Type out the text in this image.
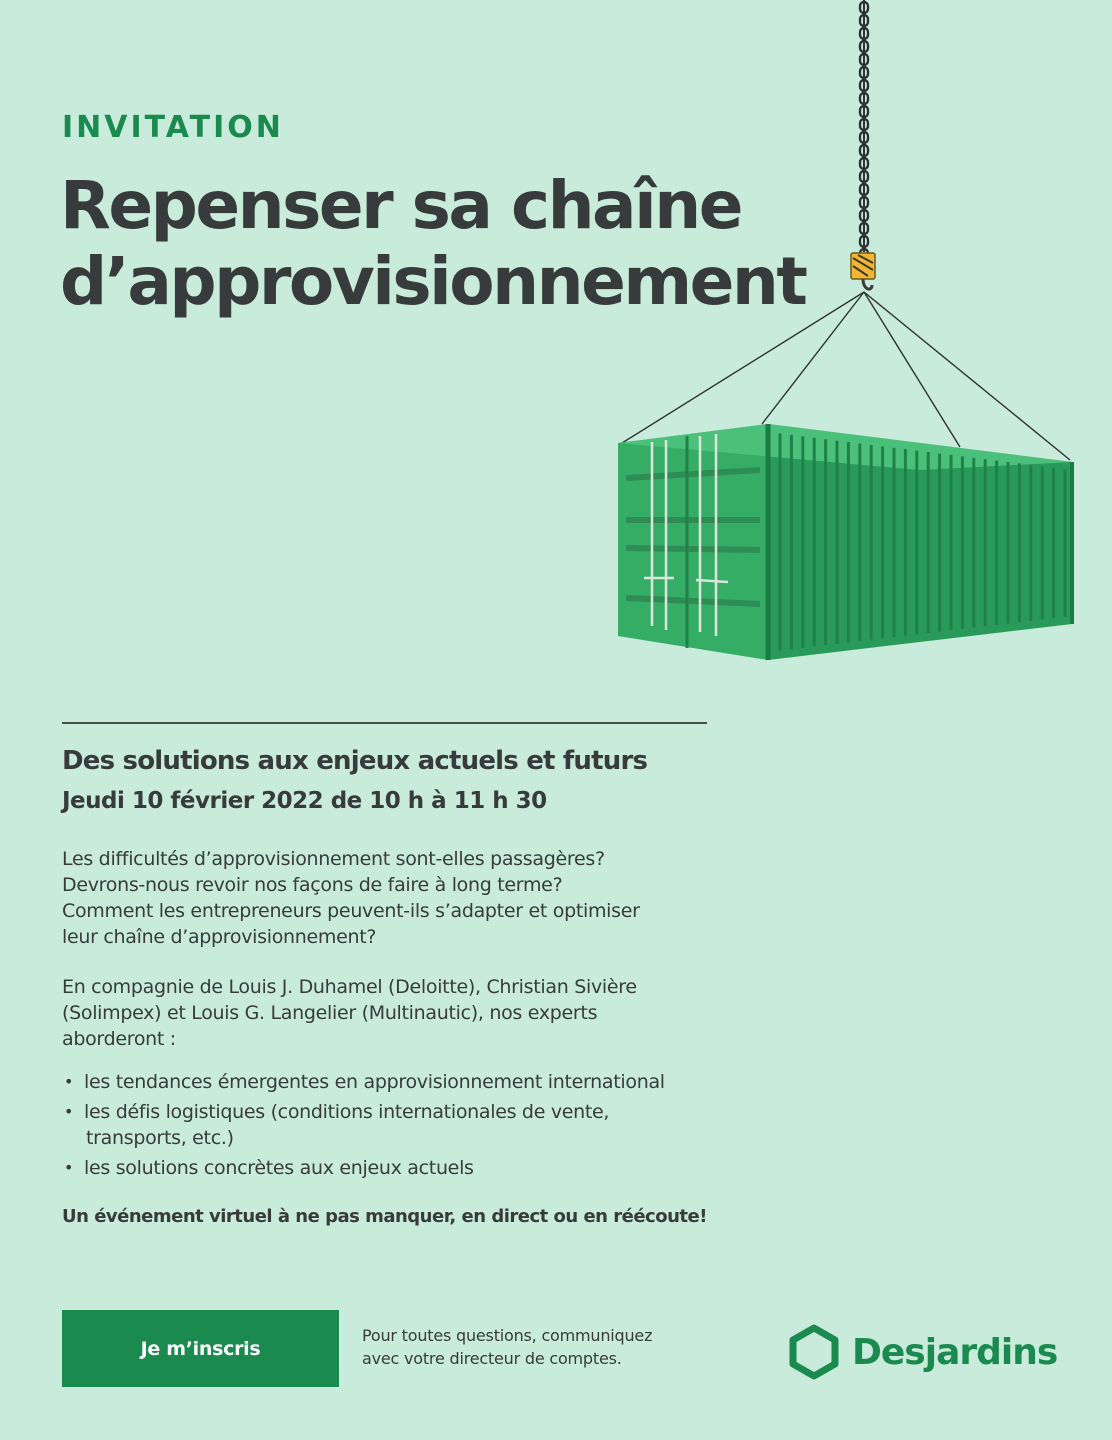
INVITATION
Repenser sa chaîne
d’approvisionnement
Des solutions aux enjeux actuels et futurs
Jeudi 10 février 2022 de 10 h à 11 h 30

Les difficultés d’approvisionnement sont-elles passagères?
Devrons-nous revoir nos façons de faire à long terme?
Comment les entrepreneurs peuvent-ils s’adapter et optimiser
leur chaîne d’approvisionnement?

En compagnie de Louis J. Duhamel (Deloitte), Christian Sivière
(Solimpex) et Louis G. Langelier (Multinautic), nos experts
aborderont :

• les tendances émergentes en approvisionnement international
• les défis logistiques (conditions internationales de vente,
transports, etc.)
• les solutions concrètes aux enjeux actuels
Un événement virtuel à ne pas manquer, en direct ou en réécoute!
Je m’inscris

Pour toutes questions, communiquez
avec votre directeur de comptes.	Desjardins
